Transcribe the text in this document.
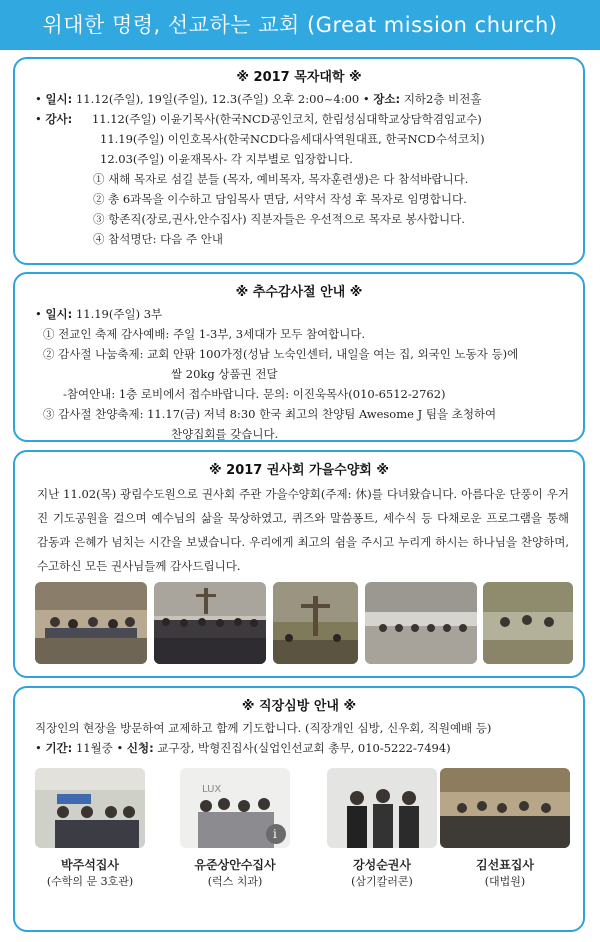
위대한 명령, 선교하는 교회 (Great mission church)
※ 2017 목자대학 ※
• 일시: 11.12(주일), 19일(주일), 12.3(주일) 오후 2:00~4:00 • 장소: 지하2층 비전홀
• 강사: 11.12(주일) 이윤기목사(한국NCD공인코치, 한림성심대학교상담학겸임교수)
11.19(주일) 이인호목사(한국NCD다음세대사역원대표, 한국NCD수석코치)
12.03(주일) 이윤재목사- 각 지부별로 입장합니다.
① 새해 목자로 섬길 분들 (목자, 예비목자, 목자훈련생)은 다 참석바랍니다.
② 총 6과목을 이수하고 담임목사 면담, 서약서 작성 후 목자로 임명합니다.
③ 항존직(장로,권사,안수집사) 직분자들은 우선적으로 목자로 봉사합니다.
④ 참석명단: 다음 주 안내
※ 추수감사절 안내 ※
• 일시: 11.19(주일) 3부
① 전교인 축제 감사예배: 주일 1-3부, 3세대가 모두 참여합니다.
② 감사절 나눔축제: 교회 안팎 100가정(성남 노숙인센터, 내일을 여는 집, 외국인 노동자 등)에
쌀 20kg 상품권 전달
-참여안내: 1층 로비에서 접수바랍니다. 문의: 이진욱목사(010-6512-2762)
③ 감사절 찬양축제: 11.17(금) 저녁 8:30 한국 최고의 찬양팀 Awesome J 팀을 초청하여
찬양집회를 갖습니다.
※ 2017 권사회 가을수양회 ※
지난 11.02(목) 광림수도원으로 권사회 주관 가을수양회(주제: 休)를 다녀왔습니다. 아름다운 단풍이 우거진 기도공원을 걸으며 예수님의 삶을 묵상하였고, 퀴즈와 말씀퐁트, 세수식 등 다채로운 프로그램을 통해 감동과 은혜가 넘치는 시간을 보냈습니다. 우리에게 최고의 쉼을 주시고 누리게 하시는 하나님을 찬양하며, 수고하신 모든 권사님들께 감사드립니다.
※ 직장심방 안내 ※
직장인의 현장을 방문하여 교제하고 함께 기도합니다. (직장개인 심방, 신우회, 직원예배 등)
• 기간: 11월중 • 신청: 교구장, 박형진집사(실업인선교회 총무, 010-5222-7494)
LUX
i
박주석집사
(수학의 문 3호관)
유준상안수집사
(럭스 치과)
강성순권사
(삼기칼러콘)
김선표집사
(대법원)
